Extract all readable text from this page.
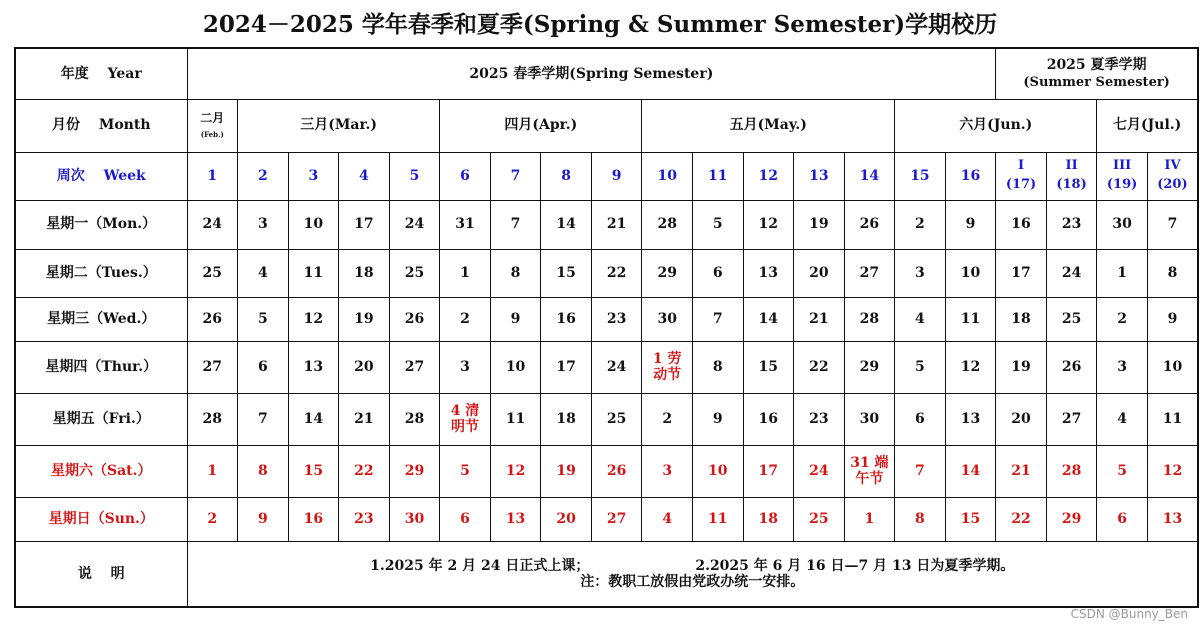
2024－2025 学年春季和夏季(Spring & Summer Semester)学期校历
年度　 Year	2025 春季学期(Spring Semester)																2025 夏季学期
(Summer Semester)			

月份　 Month	二月
(Feb.)	三月(Mar.)				四月(Apr.)				五月(May.)					六月(Jun.)				七月(Jul.)	
周次　 Week	1	2	3	4	5	6	7	8	9	10	11	12	13	14	15	16	I
(17)	II
(18)	III
(19)	IV
(20)

星期一（Mon.）	24	3	10	17	24	31	7	14	21	28	5	12	19	26	2	9	16	23	30	7
星期二（Tues.）	25	4	11	18	25	1	8	15	22	29	6	13	20	27	3	10	17	24	1	8
星期三（Wed.）	26	5	12	19	26	2	9	16	23	30	7	14	21	28	4	11	18	25	2	9
星期四（Thur.）	27	6	13	20	27	3	10	17	24	1 劳
动节	8	15	22	29	5	12	19	26	3	10
星期五（Fri.）	28	7	14	21	28	4 清
明节	11	18	25	2	9	16	23	30	6	13	20	27	4	11
星期六（Sat.）	1	8	15	22	29	5	12	19	26	3	10	17	24	31 端
午节	7	14	21	28	5	12
星期日（Sun.）	2	9	16	23	30	6	13	20	27	4	11	18	25	1	8	15	22	29	6	13
说　 明	1.2025 年 2 月 24 日正式上课； 2.2025 年 6 月 16 日—7 月 13 日为夏季学期。
注：教职工放假由党政办统一安排。																			
CSDN @Bunny_Ben
